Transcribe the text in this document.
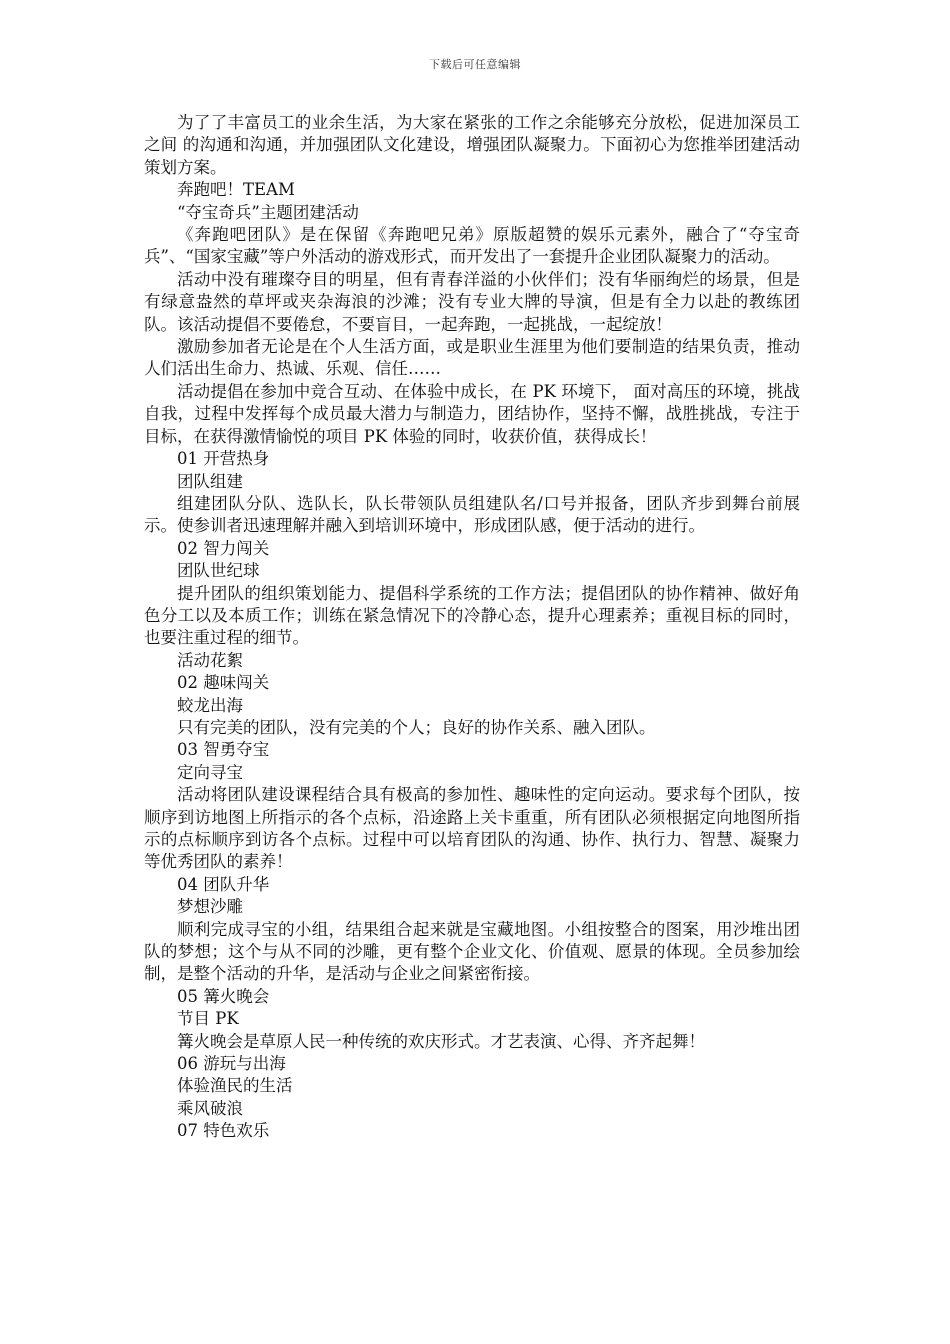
下载后可任意编辑

为了了丰富员工的业余生活，为大家在紧张的工作之余能够充分放松，促进加深员工之间 的沟通和沟通，并加强团队文化建设，增强团队凝聚力。下面初心为您推举团建活动策划方案。

奔跑吧！TEAM

“夺宝奇兵”主题团建活动

《奔跑吧团队》是在保留《奔跑吧兄弟》原版超赞的娱乐元素外，融合了“夺宝奇兵”、“国家宝藏”等户外活动的游戏形式，而开发出了一套提升企业团队凝聚力的活动。

活动中没有璀璨夺目的明星，但有青春洋溢的小伙伴们；没有华丽绚烂的场景，但是有绿意盎然的草坪或夹杂海浪的沙滩；没有专业大牌的导演，但是有全力以赴的教练团队。该活动提倡不要倦怠，不要盲目，一起奔跑，一起挑战，一起绽放！

激励参加者无论是在个人生活方面，或是职业生涯里为他们要制造的结果负责，推动人们活出生命力、热诚、乐观、信任……

活动提倡在参加中竞合互动、在体验中成长，在 PK 环境下， 面对高压的环境，挑战自我，过程中发挥每个成员最大潜力与制造力，团结协作，坚持不懈，战胜挑战，专注于目标，在获得激情愉悦的项目 PK 体验的同时，收获价值，获得成长！

01 开营热身

团队组建

组建团队分队、选队长，队长带领队员组建队名/口号并报备，团队齐步到舞台前展示。使参训者迅速理解并融入到培训环境中，形成团队感，便于活动的进行。

02 智力闯关

团队世纪球

提升团队的组织策划能力、提倡科学系统的工作方法；提倡团队的协作精神、做好角色分工以及本质工作；训练在紧急情况下的冷静心态，提升心理素养；重视目标的同时，也要注重过程的细节。

活动花絮

02 趣味闯关

蛟龙出海

只有完美的团队，没有完美的个人；良好的协作关系、融入团队。

03 智勇夺宝

定向寻宝

活动将团队建设课程结合具有极高的参加性、趣味性的定向运动。要求每个团队，按顺序到访地图上所指示的各个点标，沿途路上关卡重重，所有团队必须根据定向地图所指示的点标顺序到访各个点标。过程中可以培育团队的沟通、协作、执行力、智慧、凝聚力等优秀团队的素养！

04 团队升华

梦想沙雕

顺利完成寻宝的小组，结果组合起来就是宝藏地图。小组按整合的图案，用沙堆出团队的梦想；这个与从不同的沙雕，更有整个企业文化、价值观、愿景的体现。全员参加绘制，是整个活动的升华，是活动与企业之间紧密衔接。

05 篝火晚会

节目 PK

篝火晚会是草原人民一种传统的欢庆形式。才艺表演、心得、齐齐起舞！

06 游玩与出海

体验渔民的生活

乘风破浪

07 特色欢乐
